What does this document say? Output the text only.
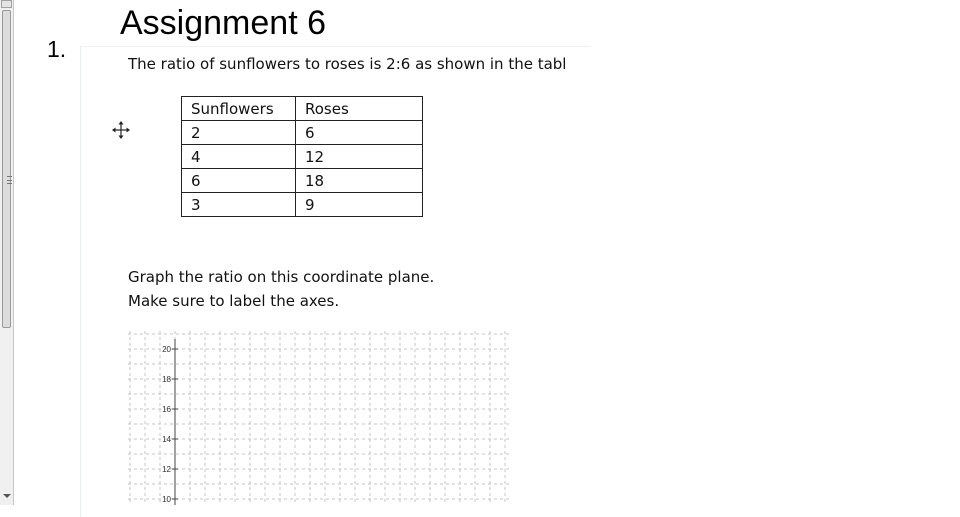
1.
Assignment 6
The ratio of sunflowers to roses is 2:6 as shown in the tabl
Sunflowers	Roses
2	6
4	12
6	18
3	9
Graph the ratio on this coordinate plane.
Make sure to label the axes.
20
18
16
14
12
10
